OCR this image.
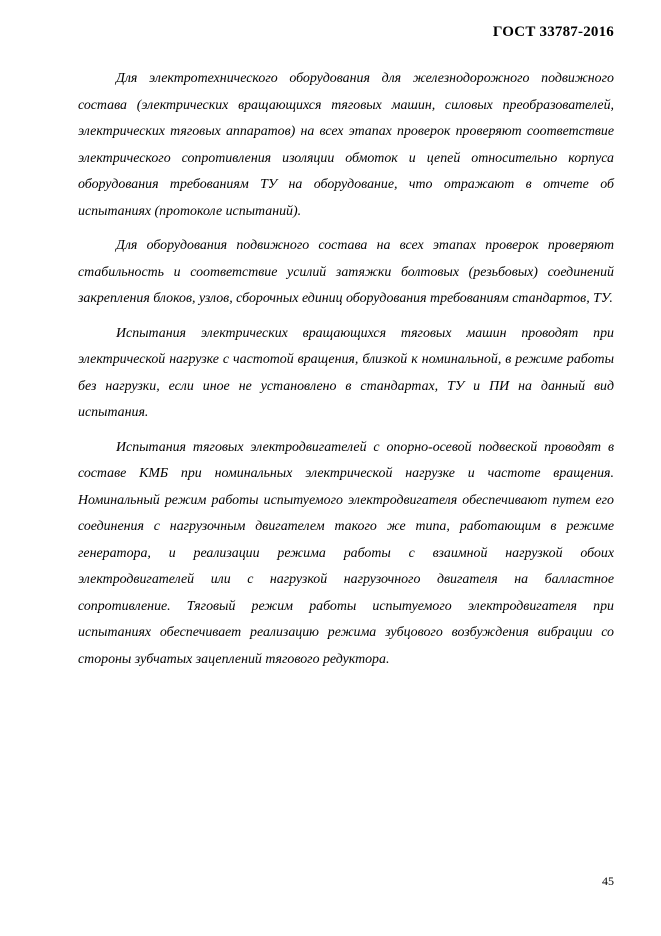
ГОСТ 33787-2016

Для электротехнического оборудования для железнодорожного подвижного состава (электрических вращающихся тяговых машин, силовых преобразователей, электрических тяговых аппаратов) на всех этапах проверок проверяют соответствие электрического сопротивления изоляции обмоток и цепей относительно корпуса оборудования требованиям ТУ на оборудование, что отражают в отчете об испытаниях (протоколе испытаний).

Для оборудования подвижного состава на всех этапах проверок проверяют стабильность и соответствие усилий затяжки болтовых (резьбовых) соединений закрепления блоков, узлов, сборочных единиц оборудования требованиям стандартов, ТУ.

Испытания электрических вращающихся тяговых машин проводят при электрической нагрузке с частотой вращения, близкой к номинальной, в режиме работы без нагрузки, если иное не установлено в стандартах, ТУ и ПИ на данный вид испытания.

Испытания тяговых электродвигателей с опорно-осевой подвеской проводят в составе КМБ при номинальных электрической нагрузке и частоте вращения. Номинальный режим работы испытуемого электродвигателя обеспечивают путем его соединения с нагрузочным двигателем такого же типа, работающим в режиме генератора, и реализации режима работы с взаимной нагрузкой обоих электродвигателей или с нагрузкой нагрузочного двигателя на балластное сопротивление. Тяговый режим работы испытуемого электродвигателя при испытаниях обеспечивает реализацию режима зубцового возбуждения вибрации со стороны зубчатых зацеплений тягового редуктора.

45
